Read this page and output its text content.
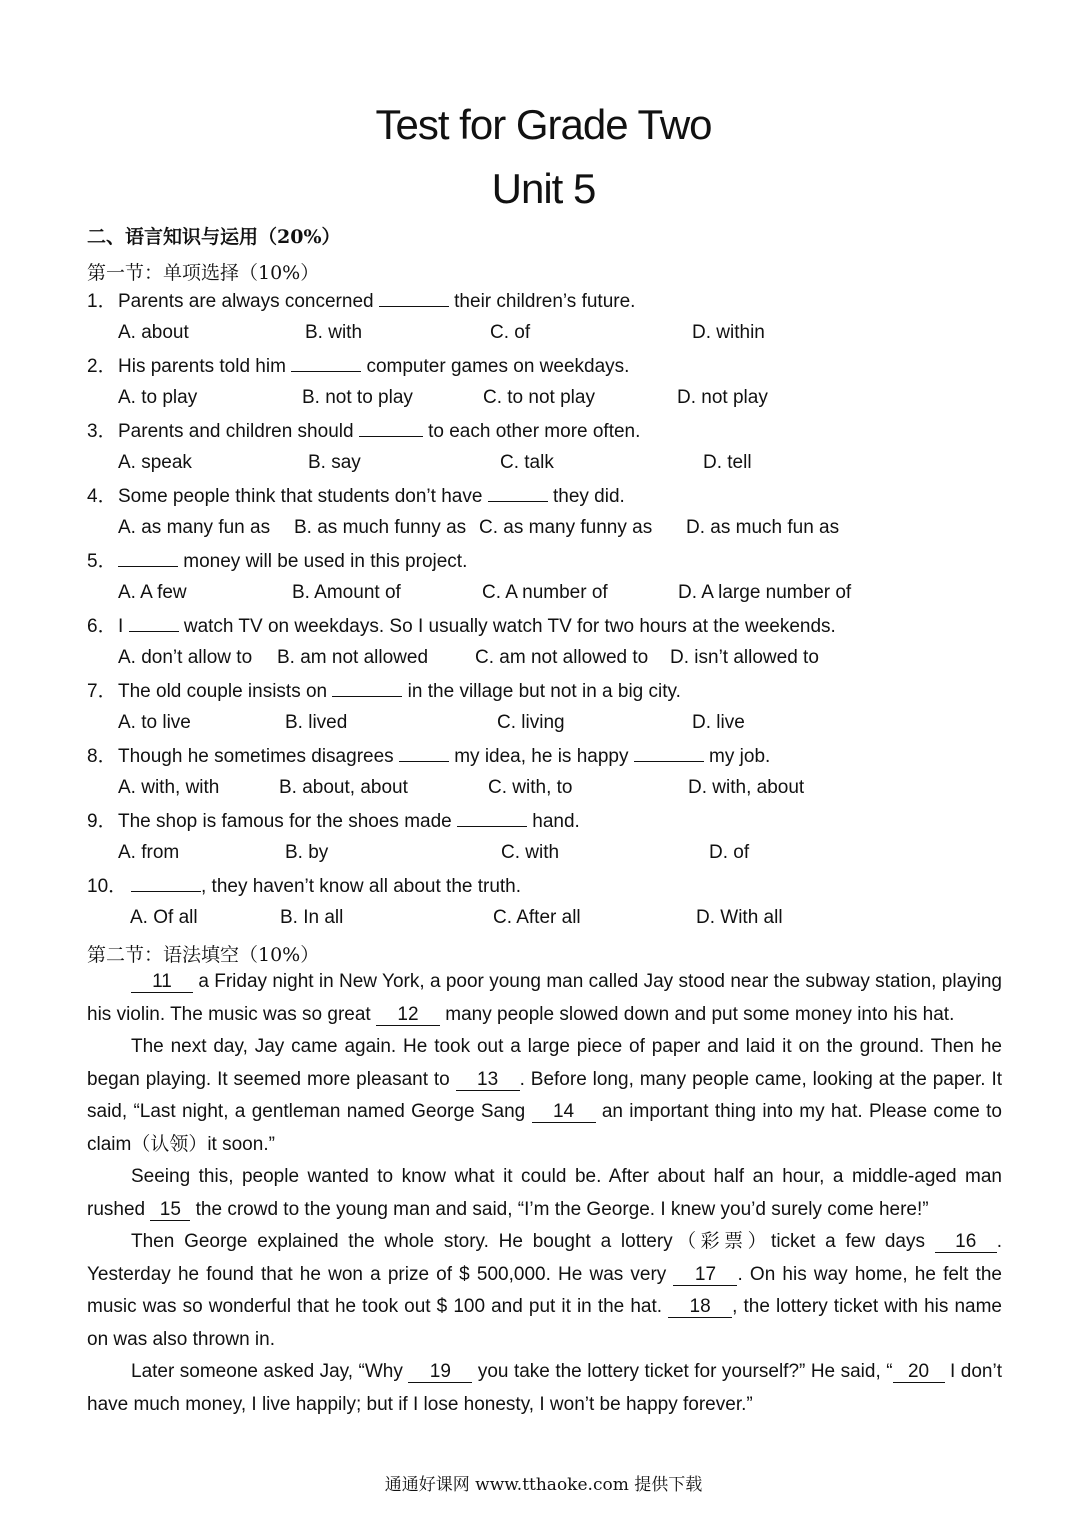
Test for Grade Two
Unit 5
二、语言知识与运用（20%）
第一节：单项选择（10%）
1．Parents are always concerned	their children’s future.
A. about	B. with	C. of	D. within
2．His parents told him	computer games on weekdays.
A. to play	B. not to play	C. to not play	D. not play
3．Parents and children should	to each other more often.
A. speak	B. say	C. talk	D. tell
4．Some people think that students don’t have	they did.
A. as many fun as B. as much funny as C. as many funny as D. as much fun as
5．	money will be used in this project.
A. A few	B. Amount of	C. A number of	D. A large number of
6．I	watch TV on weekdays. So I usually watch TV for two hours at the weekends.
A. don’t allow to B. am not allowed C. am not allowed to D. isn’t allowed to
7．The old couple insists on	in the village but not in a big city.
A. to live	B. lived	C. living	D. live
8．Though he sometimes disagrees	my idea, he is happy	my job.
A. with, with	B. about, about	C. with, to	D. with, about
9．The shop is famous for the shoes made	hand.
A. from	B. by	C. with	D. of
10．	, they haven’t know all about the truth.
A. Of all	B. In all	C. After all	D. With all
第二节：语法填空（10%）
11 a Friday night in New York, a poor young man called Jay stood near the subway station, playing his violin. The music was so great 12 many people slowed down and put some money into his hat.
The next day, Jay came again. He took out a large piece of paper and laid it on the ground. Then he began playing. It seemed more pleasant to 13 . Before long, many people came, looking at the paper. It said, “Last night, a gentleman named George Sang 14 an important thing into my hat. Please come to claim（认领）it soon.”
Seeing this, people wanted to know what it could be. After about half an hour, a middle-aged man rushed 15 the crowd to the young man and said, “I’m the George. I knew you’d surely come here!”
Then George explained the whole story. He bought a lottery（彩票）ticket a few days 16 . Yesterday he found that he won a prize of $ 500,000. He was very 17 . On his way home, he felt the music was so wonderful that he took out $ 100 and put it in the hat. 18 , the lottery ticket with his name on was also thrown in.
Later someone asked Jay, “Why 19 you take the lottery ticket for yourself?” He said, “ 20 I don’t have much money, I live happily; but if I lose honesty, I won’t be happy forever.”
通通好课网 www.tthaoke.com 提供下载
